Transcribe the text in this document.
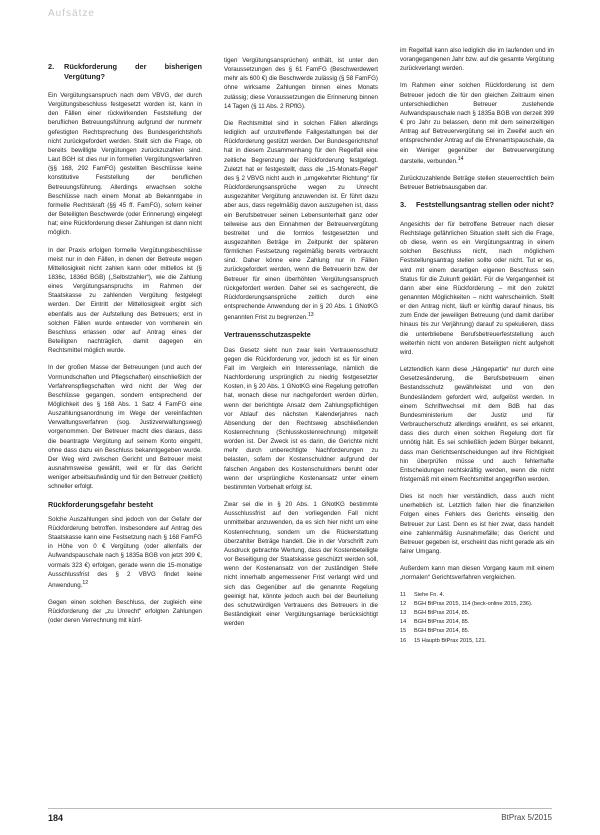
Aufsätze
2.	Rückforderung der bisherigen Vergütung?

Ein Vergütungsanspruch nach dem VBVG, der durch Vergütungsbeschluss festgesetzt worden ist, kann in den Fällen einer rückwirkenden Feststellung der beruflichen Betreuungsführung aufgrund der nunmehr gefestigten Rechtsprechung des Bundesgerichtshofs nicht zurückgefordert werden. Stellt sich die Frage, ob bereits bewilligte Vergütungen zurückzuzahlen sind. Laut BGH ist dies nur in formellen Vergütungsverfahren (§§ 168, 292 FamFG) gestellten Beschlüsse keine konstitutive Feststellung der beruflichen Betreuungsführung. Allerdings erwachsen solche Beschlüsse nach einem Monat ab Bekanntgabe in formelle Rechtskraft (§§ 45 ff. FamFG), sofern keiner der Beteiligten Beschwerde (oder Erinnerung) eingelegt hat; eine Rückforderung dieser Zahlungen ist dann nicht möglich.

In der Praxis erfolgen formelle Vergütungsbeschlüsse meist nur in den Fällen, in denen der Betreute wegen Mittellosigkeit nicht zahlen kann oder mittellos ist (§ 1836c, 1836d BGB) („Selbstzahler“), wie die Zahlung eines Vergütungsanspruchs im Rahmen der Staatskasse zu zahlenden Vergütung festgelegt werden. Der Eintritt der Mittellosigkeit ergibt sich ebenfalls aus der Aufstellung des Betreuers; erst in solchen Fällen wurde entweder von vornherein ein Beschluss erlassen oder auf Antrag eines der Beteiligten nachträglich, damit dagegen ein Rechtsmittel möglich wurde.

In der großen Masse der Betreuungen (und auch der Vormundschaften und Pflegschaften) einschließlich der Verfahrenspflegschaften wird nicht der Weg der Beschlüsse gegangen, sondern entsprechend der Möglichkeit des § 168 Abs. 1 Satz 4 FamFG eine Auszahlungsanordnung im Wege der vereinfachten Verwaltungsverfahren (sog. Justizverwaltungsweg) vorgenommen. Der Betreuer macht dies daraus, dass die beantragte Vergütung auf seinem Konto eingeht, ohne dass dazu ein Beschluss bekanntgegeben wurde. Der Weg wird zwischen Gericht und Betreuer meist ausnahmsweise gewählt, weil er für das Gericht weniger arbeitsaufwändig und für den Betreuer (zeitlich) schneller erfolgt.

Rückforderungsgefahr besteht

Solche Auszahlungen sind jedoch von der Gefahr der Rückforderung betroffen. Insbesondere auf Antrag des Staatskasse kann eine Festsetzung nach § 168 FamFG in Höhe von 0 € Vergütung (oder allenfalls der Aufwandspauschale nach § 1835a BGB von jetzt 399 €, vormals 323 €) erfolgen, gerade wenn die 15-monatige Ausschlussfrist des § 2 VBVG findet keine Anwendung.$^{12}$

Gegen einen solchen Beschluss, der zugleich eine Rückforderung der „zu Unrecht“ erfolgten Zahlungen (oder deren Verrechnung mit künf-

tigen Vergütungsansprüchen) enthält, ist unter den Voraussetzungen des § 61 FamFG (Beschwerdewert mehr als 600 €) die Beschwerde zulässig (§ 58 FamFG) ohne wirksame Zahlungen binnen eines Monats zulässig; diese Voraussetzungen die Erinnerung binnen 14 Tagen (§ 11 Abs. 2 RPflG).

Die Rechtsmittel sind in solchen Fällen allerdings lediglich auf unzutreffende Fallgestaltungen bei der Rückforderung gestützt werden. Der Bundesgerichtshof hat in diesem Zusammenhang für den Regelfall eine zeitliche Begrenzung der Rückforderung festgelegt. Zuletzt hat er festgestellt, dass die „15-Monats-Regel“ des § 2 VBVG nicht auch in „umgekehrter Richtung“ für Rückforderungsansprüche wegen zu Unrecht ausgezahlter Vergütung anzuwenden ist. Er führt dazu aber aus, dass regelmäßig davon auszugehen ist, dass ein Berufsbetreuer seinen Lebensunterhalt ganz oder teilweise aus den Einnahmen der Betreuervergütung bestreitet und die formlos festgesetzten und ausgezahlten Beträge im Zeitpunkt der späteren förmlichen Festsetzung regelmäßig bereits verbraucht sind. Daher könne eine Zahlung nur in Fällen zurückgefordert werden, wenn die Betreuerin bzw. der Betreuer für einen überhöhten Vergütungsanspruch rückgefordert werden. Daher sei es sachgerecht, die Rückforderungsansprüche zeitlich durch eine entsprechende Anwendung der in § 20 Abs. 1 GNotKG genannten Frist zu begrenzen.$^{13}$

Vertrauensschutzaspekte

Das Gesetz sieht nun zwar kein Vertrauensschutz gegen die Rückforderung vor, jedoch ist es für einen Fall im Vergleich ein Interessenlage, nämlich die Nachforderung ursprünglich zu niedrig festgesetzter Kosten, in § 20 Abs. 1 GNotKG eine Regelung getroffen hat, wonach diese nur nachgefordert werden dürfen, wenn der berichtigte Ansatz dem Zahlungspflichtigen vor Ablauf des nächsten Kalenderjahres nach Absendung der den Rechtsweg abschließenden Kostenrechnung (Schlusskostenrechnung) mitgeteilt worden ist. Der Zweck ist es darin, die Gerichte nicht mehr durch unberechtigte Nachforderungen zu belasten, sofern der Kostenschuldner aufgrund der falschen Angaben des Kostenschuldners beruht oder wenn der ursprüngliche Kostenansatz unter einem bestimmten Vorbehalt erfolgt ist.

Zwar sei die in § 20 Abs. 1 GNotKG bestimmte Ausschlussfrist auf den vorliegenden Fall nicht unmittelbar anzuwenden, da es sich hier nicht um eine Kostenrechnung, sondern um die Rückerstattung überzahlter Beträge handelt. Die in der Vorschrift zum Ausdruck gebrachte Wertung, dass der Kostenbeteiligte vor Beseitigung der Staatskasse geschützt werden soll, wenn der Kostenansatz von der zuständigen Stelle nicht innerhalb angemessener Frist verlangt wird und sich das Gegenüber auf die genannte Regelung geeinigt hat, könnte jedoch auch bei der Beurteilung des schutzwürdigen Vertrauens des Betreuers in die Beständigkeit einer Vergütungsanlage berücksichtigt werden

im Regelfall kann also lediglich die im laufenden und im vorangegangenen Jahr bzw. auf die gesamte Vergütung zurückverlangt werden.

Im Rahmen einer solchen Rückforderung ist dem Betreuer jedoch die für den gleichen Zeitraum einen unterschiedlichen Betreuer zustehende Aufwandspauschale nach § 1835a BGB von derzeit 399 € pro Jahr zu belassen, denn mit dem seinerzeitigen Antrag auf Betreuervergütung sei im Zweifel auch ein entsprechender Antrag auf die Ehrenamtspauschale, da ein Weniger gegenüber der Betreuervergütung darstelle, verbunden.$^{14}$

Zurückzuzahlende Beträge stellen steuerrechtlich beim Betreuer Betriebsausgaben dar.

3.	Feststellungsantrag stellen oder nicht?

Angesichts der für betroffene Betreuer nach dieser Rechtslage gefährlichen Situation stellt sich die Frage, ob diese, wenn es ein Vergütungsantrag in einem solchen Beschluss nicht, nach möglichem Feststellungsantrag stellen sollte oder nicht. Tut er es, wird mit einem derartigen eigenen Beschluss sein Status für die Zukunft geklärt. Für die Vergangenheit ist dann aber eine Rückforderung – mit den zuletzt genannten Möglichkeiten – nicht wahrscheinlich. Stellt er den Antrag nicht, läuft er künftig darauf hinaus, bis zum Ende der jeweiligen Betreuung (und damit darüber hinaus bis zur Verjährung) darauf zu spekulieren, dass die unterbliebene Berufsbetreuerfeststellung auch weiterhin nicht von anderen Beteiligten nicht aufgeholt wird.

Letztendlich kann diese „Hängepartie“ nur durch eine Gesetzesänderung, die Berufsbetreuern einen Bestandsschutz gewährleistet und von den Bundesländern gefordert wird, aufgelöst werden. In einem Schriftwechsel mit dem BdB hat das Bundesministerium der Justiz und für Verbraucherschutz allerdings erwähnt, es sei erkannt, dass dies durch einen solchen Regelung dort für unnötig hält. Es sei schließlich jedem Bürger bekannt, dass man Gerichtsentscheidungen auf ihre Richtigkeit hin überprüfen müsse und auch fehlerhafte Entscheidungen rechtskräftig werden, wenn die nicht fristgemäß mit einem Rechtsmittel angegriffen werden.

Dies ist noch hier verständlich, dass auch nicht unerheblich ist. Letztlich fallen hier die finanziellen Folgen eines Fehlers des Gerichts einseitig den Betreuer zur Last. Denn es ist hier zwar, dass handelt eine zahlenmäßig Ausnahmefälle; das Gericht und Betreuer gegeben ist, erscheint das nicht gerade als ein fairer Umgang.

Außerdem kann man diesen Vorgang kaum mit einem „normalen“ Gerichtsverfahren vergleichen.

11	Siehe Fn. 4.
12	BGH BtPrax 2015, 114 (beck-online 2015, 236).
13	BGH BtPrax 2014, 85.
14	BGH BtPrax 2014, 85.
15	BGH BtPrax 2014, 85.
16	15 Hauptb BtPrax 2015, 121.
184	BtPrax 5/2015
